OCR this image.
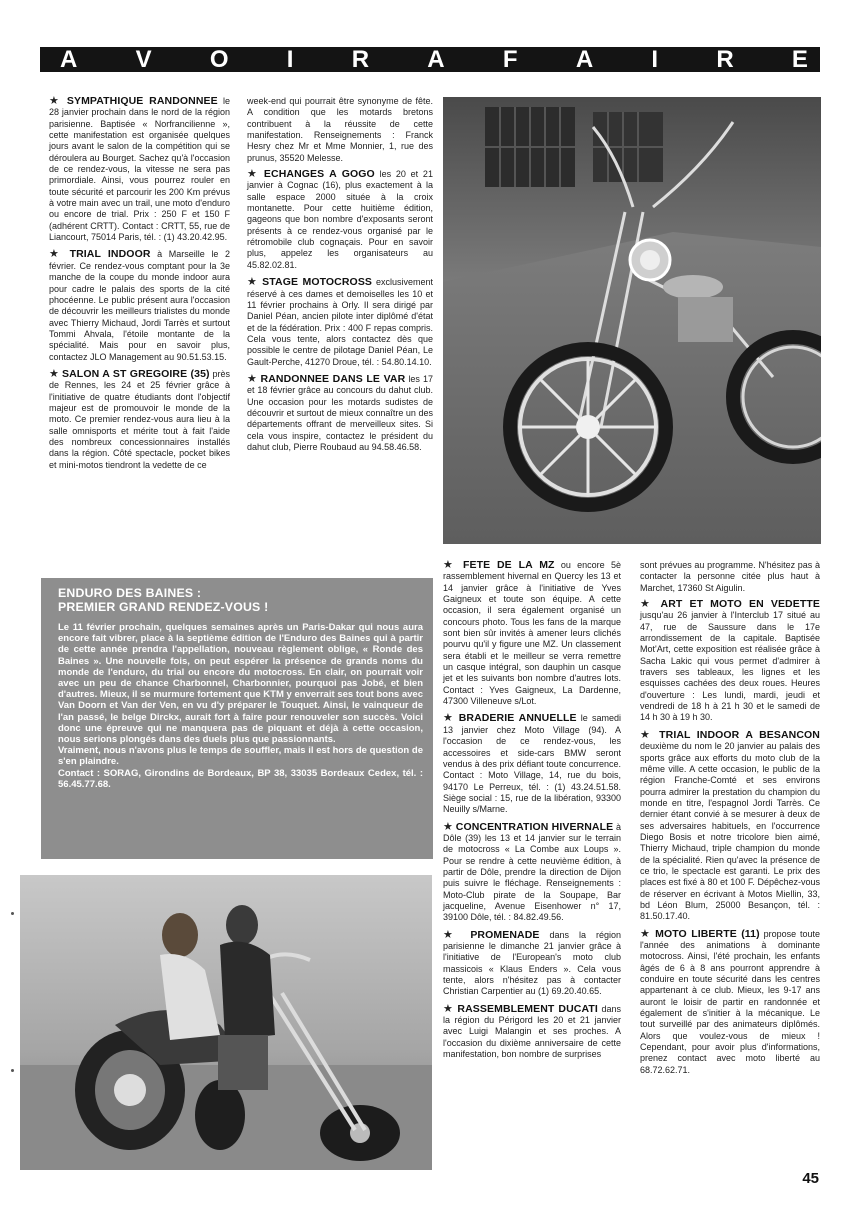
A V O I R A F A I R E

★ SYMPATHIQUE RANDONNEE le 28 janvier prochain dans le nord de la région parisienne. Baptisée « Norfrancilienne », cette manifestation est organisée quelques jours avant le salon de la compétition qui se déroulera au Bourget. Sachez qu'à l'occasion de ce rendez-vous, la vitesse ne sera pas primordiale. Ainsi, vous pourrez rouler en toute sécurité et parcourir les 200 Km prévus à votre main avec un trail, une moto d'enduro ou encore de trial. Prix : 250 F et 150 F (adhérent CRTT). Contact : CRTT, 55, rue de Liancourt, 75014 Paris, tél. : (1) 43.20.42.95.

★ TRIAL INDOOR à Marseille le 2 février. Ce rendez-vous comptant pour la 3e manche de la coupe du monde indoor aura pour cadre le palais des sports de la cité phocéenne. Le public présent aura l'occasion de découvrir les meilleurs trialistes du monde avec Thierry Michaud, Jordi Tarrès et surtout Tommi Ahvala, l'étoile montante de la spécialité. Mais pour en savoir plus, contactez JLO Management au 90.51.53.15.

★ SALON A ST GREGOIRE (35) près de Rennes, les 24 et 25 février grâce à l'initiative de quatre étudiants dont l'objectif majeur est de promouvoir le monde de la moto. Ce premier rendez-vous aura lieu à la salle omnisports et mérite tout à fait l'aide des nombreux concessionnaires installés dans la région. Côté spectacle, pocket bikes et mini-motos tiendront la vedette de ce

week-end qui pourrait être synonyme de fête. A condition que les motards bretons contribuent à la réussite de cette manifestation. Renseignements : Franck Hesry chez Mr et Mme Monnier, 1, rue des prunus, 35520 Melesse.

★ ECHANGES A GOGO les 20 et 21 janvier à Cognac (16), plus exactement à la salle espace 2000 située à la croix montanette. Pour cette huitième édition, gageons que bon nombre d'exposants seront présents à ce rendez-vous organisé par le rétromobile club cognaçais. Pour en savoir plus, appelez les organisateurs au 45.82.02.81.

★ STAGE MOTOCROSS exclusivement réservé à ces dames et demoiselles les 10 et 11 février prochains à Orly. Il sera dirigé par Daniel Péan, ancien pilote inter diplômé d'état et de la fédération. Prix : 400 F repas compris. Cela vous tente, alors contactez dès que possible le centre de pilotage Daniel Péan, Le Gault-Perche, 41270 Droue, tél. : 54.80.14.10.

★ RANDONNEE DANS LE VAR les 17 et 18 février grâce au concours du dahut club. Une occasion pour les motards sudistes de découvrir et surtout de mieux connaître un des départements offrant de merveilleux sites. Si cela vous inspire, contactez le président du dahut club, Pierre Roubaud au 94.58.46.58.

ENDURO DES BAINES :
PREMIER GRAND RENDEZ-VOUS !
Le 11 février prochain, quelques semaines après un Paris-Dakar qui nous aura encore fait vibrer, place à la septième édition de l'Enduro des Baines qui à partir de cette année prendra l'appellation, nouveau règlement oblige, « Ronde des Baines ». Une nouvelle fois, on peut espérer la présence de grands noms du monde de l'enduro, du trial ou encore du motocross. En clair, on pourrait voir avec un peu de chance Charbonnel, Charbonnier, pourquoi pas Jobé, et bien d'autres. Mieux, il se murmure fortement que KTM y enverrait ses tout bons avec Van Doorn et Van der Ven, en vu d'y préparer le Touquet. Ainsi, le vainqueur de l'an passé, le belge Dirckx, aurait fort à faire pour renouveler son succès. Voici donc une épreuve qui ne manquera pas de piquant et déjà à cette occasion, nous serions plongés dans des duels plus que passionnants.
Vraiment, nous n'avons plus le temps de souffler, mais il est hors de question de s'en plaindre.
Contact : SORAG, Girondins de Bordeaux, BP 38, 33035 Bordeaux Cedex, tél. : 56.45.77.68.

★ FETE DE LA MZ ou encore 5è rassemblement hivernal en Quercy les 13 et 14 janvier grâce à l'initiative de Yves Gaigneux et toute son équipe. A cette occasion, il sera également organisé un concours photo. Tous les fans de la marque sont bien sûr invités à amener leurs clichés pourvu qu'il y figure une MZ. Un classement sera établi et le meilleur se verra remettre un casque intégral, son dauphin un casque jet et les suivants bon nombre d'autres lots. Contact : Yves Gaigneux, La Dardenne, 47300 Villeneuve s/Lot.

★ BRADERIE ANNUELLE le samedi 13 janvier chez Moto Village (94). A l'occasion de ce rendez-vous, les accessoires et side-cars BMW seront vendus à des prix défiant toute concurrence. Contact : Moto Village, 14, rue du bois, 94170 Le Perreux, tél. : (1) 43.24.51.58. Siège social : 15, rue de la libération, 93300 Neuilly s/Marne.

★ CONCENTRATION HIVERNALE à Dôle (39) les 13 et 14 janvier sur le terrain de motocross « La Combe aux Loups ». Pour se rendre à cette neuvième édition, à partir de Dôle, prendre la direction de Dijon puis suivre le fléchage. Renseignements : Moto-Club pirate de la Soupape, Bar jacqueline, Avenue Eisenhower n° 17, 39100 Dôle, tél. : 84.82.49.56.

★ PROMENADE dans la région parisienne le dimanche 21 janvier grâce à l'initiative de l'European's moto club massicois « Klaus Enders ». Cela vous tente, alors n'hésitez pas à contacter Christian Carpentier au (1) 69.20.40.65.

★ RASSEMBLEMENT DUCATI dans la région du Périgord les 20 et 21 janvier avec Luigi Malangin et ses proches. A l'occasion du dixième anniversaire de cette manifestation, bon nombre de surprises

sont prévues au programme. N'hésitez pas à contacter la personne citée plus haut à Marchet, 17360 St Aigulin.

★ ART ET MOTO EN VEDETTE jusqu'au 26 janvier à l'Interclub 17 situé au 47, rue de Saussure dans le 17e arrondissement de la capitale. Baptisée Mot'Art, cette exposition est réalisée grâce à Sacha Lakic qui vous permet d'admirer à travers ses tableaux, les lignes et les esquisses cachées des deux roues. Heures d'ouverture : Les lundi, mardi, jeudi et vendredi de 18 h à 21 h 30 et le samedi de 14 h 30 à 19 h 30.

★ TRIAL INDOOR A BESANCON deuxième du nom le 20 janvier au palais des sports grâce aux efforts du moto club de la même ville. A cette occasion, le public de la région Franche-Comté et ses environs pourra admirer la prestation du champion du monde en titre, l'espagnol Jordi Tarrès. Ce dernier étant convié à se mesurer à deux de ses adversaires habituels, en l'occurrence Diego Bosis et notre tricolore bien aimé, Thierry Michaud, triple champion du monde de la spécialité. Rien qu'avec la présence de ce trio, le spectacle est garanti. Le prix des places est fixé à 80 et 100 F. Dépêchez-vous de réserver en écrivant à Motos Miellin, 33, bd Léon Blum, 25000 Besançon, tél. : 81.50.17.40.

★ MOTO LIBERTE (11) propose toute l'année des animations à dominante motocross. Ainsi, l'été prochain, les enfants âgés de 6 à 8 ans pourront apprendre à conduire en toute sécurité dans les centres appartenant à ce club. Mieux, les 9-17 ans auront le loisir de partir en randonnée et également de s'initier à la mécanique. Le tout surveillé par des animateurs diplômés. Alors que voulez-vous de mieux ! Cependant, pour avoir plus d'informations, prenez contact avec moto liberté au 68.72.62.71.

45
